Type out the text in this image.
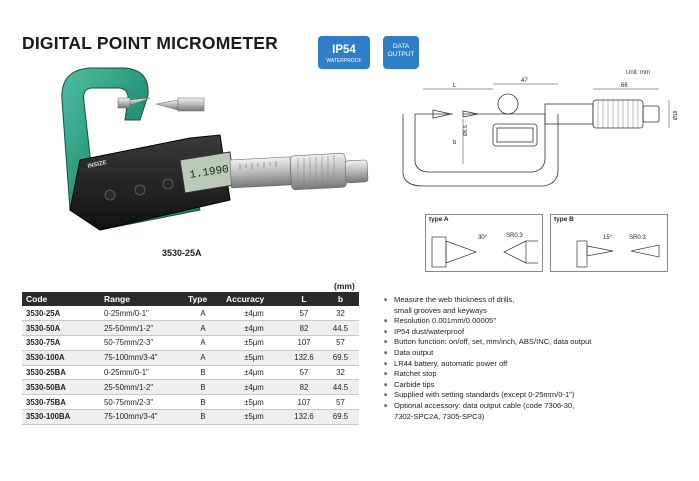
DIGITAL POINT MICROMETER	IP54
WATERPROOF
DATA
OUTPUT
Unit: mm
1.1990
INSIZE
3530-25A
L
47
66
b
Ø6.5
Ø18
type A
30°	SR0.3
type B
15°	SR0.3
(mm)
Code	Range	Type	Accuracy	L	b
3530-25A	0-25mm/0-1"	A	±4μm	57	32
3530-50A	25-50mm/1-2"	A	±4μm	82	44.5
3530-75A	50-75mm/2-3"	A	±5μm	107	57
3530-100A	75-100mm/3-4"	A	±5μm	132.6	69.5
3530-25BA	0-25mm/0-1"	B	±4μm	57	32
3530-50BA	25-50mm/1-2"	B	±4μm	82	44.5
3530-75BA	50-75mm/2-3"	B	±5μm	107	57
3530-100BA	75-100mm/3-4"	B	±5μm	132.6	69.5
■ Measure the web thickness of drills,
small grooves and keyways
■ Resolution 0.001mm/0.00005"
■ IP54 dust/waterproof
■ Button function: on/off, set, mm/inch, ABS/INC, data output
■ Data output
■ LR44 battery, automatic power off
■ Ratchet stop
■ Carbide tips
■ Supplied with setting standards (except 0-25mm/0-1")
■ Optional accessory: data output cable (code 7306-30,
7302-SPC2A, 7305-SPC3)
